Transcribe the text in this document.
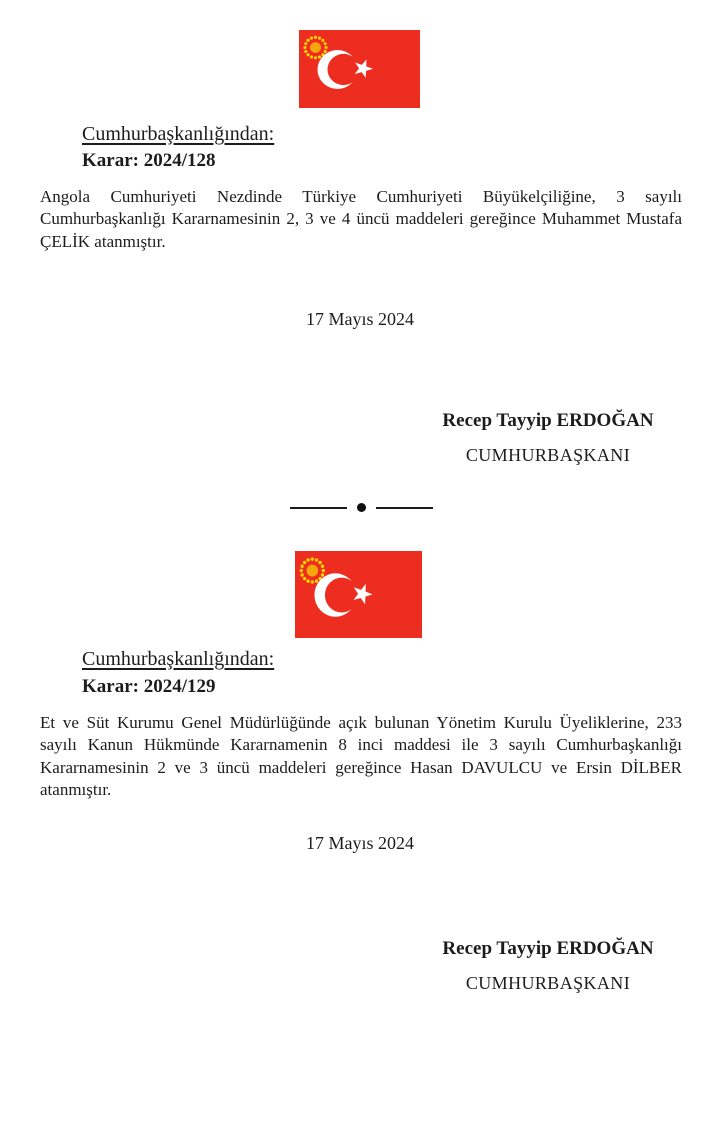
Cumhurbaşkanlığından:
Karar: 2024/128

Angola Cumhuriyeti Nezdinde Türkiye Cumhuriyeti Büyükelçiliğine, 3 sayılı Cumhurbaşkanlığı Kararnamesinin 2, 3 ve 4 üncü maddeleri gereğince Muhammet Mustafa ÇELİK atanmıştır.

17 Mayıs 2024
Recep Tayyip ERDOĞAN
CUMHURBAŞKANI
Cumhurbaşkanlığından:
Karar: 2024/129

Et ve Süt Kurumu Genel Müdürlüğünde açık bulunan Yönetim Kurulu Üyeliklerine, 233 sayılı Kanun Hükmünde Kararnamenin 8 inci maddesi ile 3 sayılı Cumhurbaşkanlığı Kararnamesinin 2 ve 3 üncü maddeleri gereğince Hasan DAVULCU ve Ersin DİLBER atanmıştır.

17 Mayıs 2024
Recep Tayyip ERDOĞAN
CUMHURBAŞKANI
